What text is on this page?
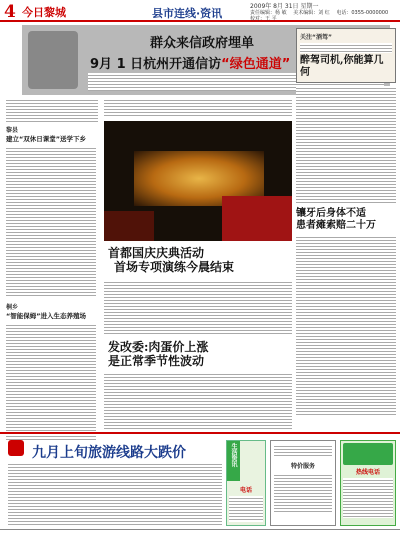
4 今日黎城	县市连线·资讯
2009年 8月 31日 星期一
责任编辑：杨 敏 美术编辑：刘 红 电话：0355-0000000 校对：王 平
群众来信政府埋单
9月 1 日杭州开通信访“绿色通道”
黎县
建立“双休日课堂”送学下乡
桐乡
“智能保姆”进入生态养殖场
首都国庆庆典活动
首场专项演练今晨结束
发改委:肉蛋价上涨
是正常季节性波动
关注“酒驾”
醉驾司机,你能算几何
镶牙后身体不适
患者瘫索赔二十万
九月上旬旅游线路大跌价	生活资讯
电话
特价服务
热线电话
